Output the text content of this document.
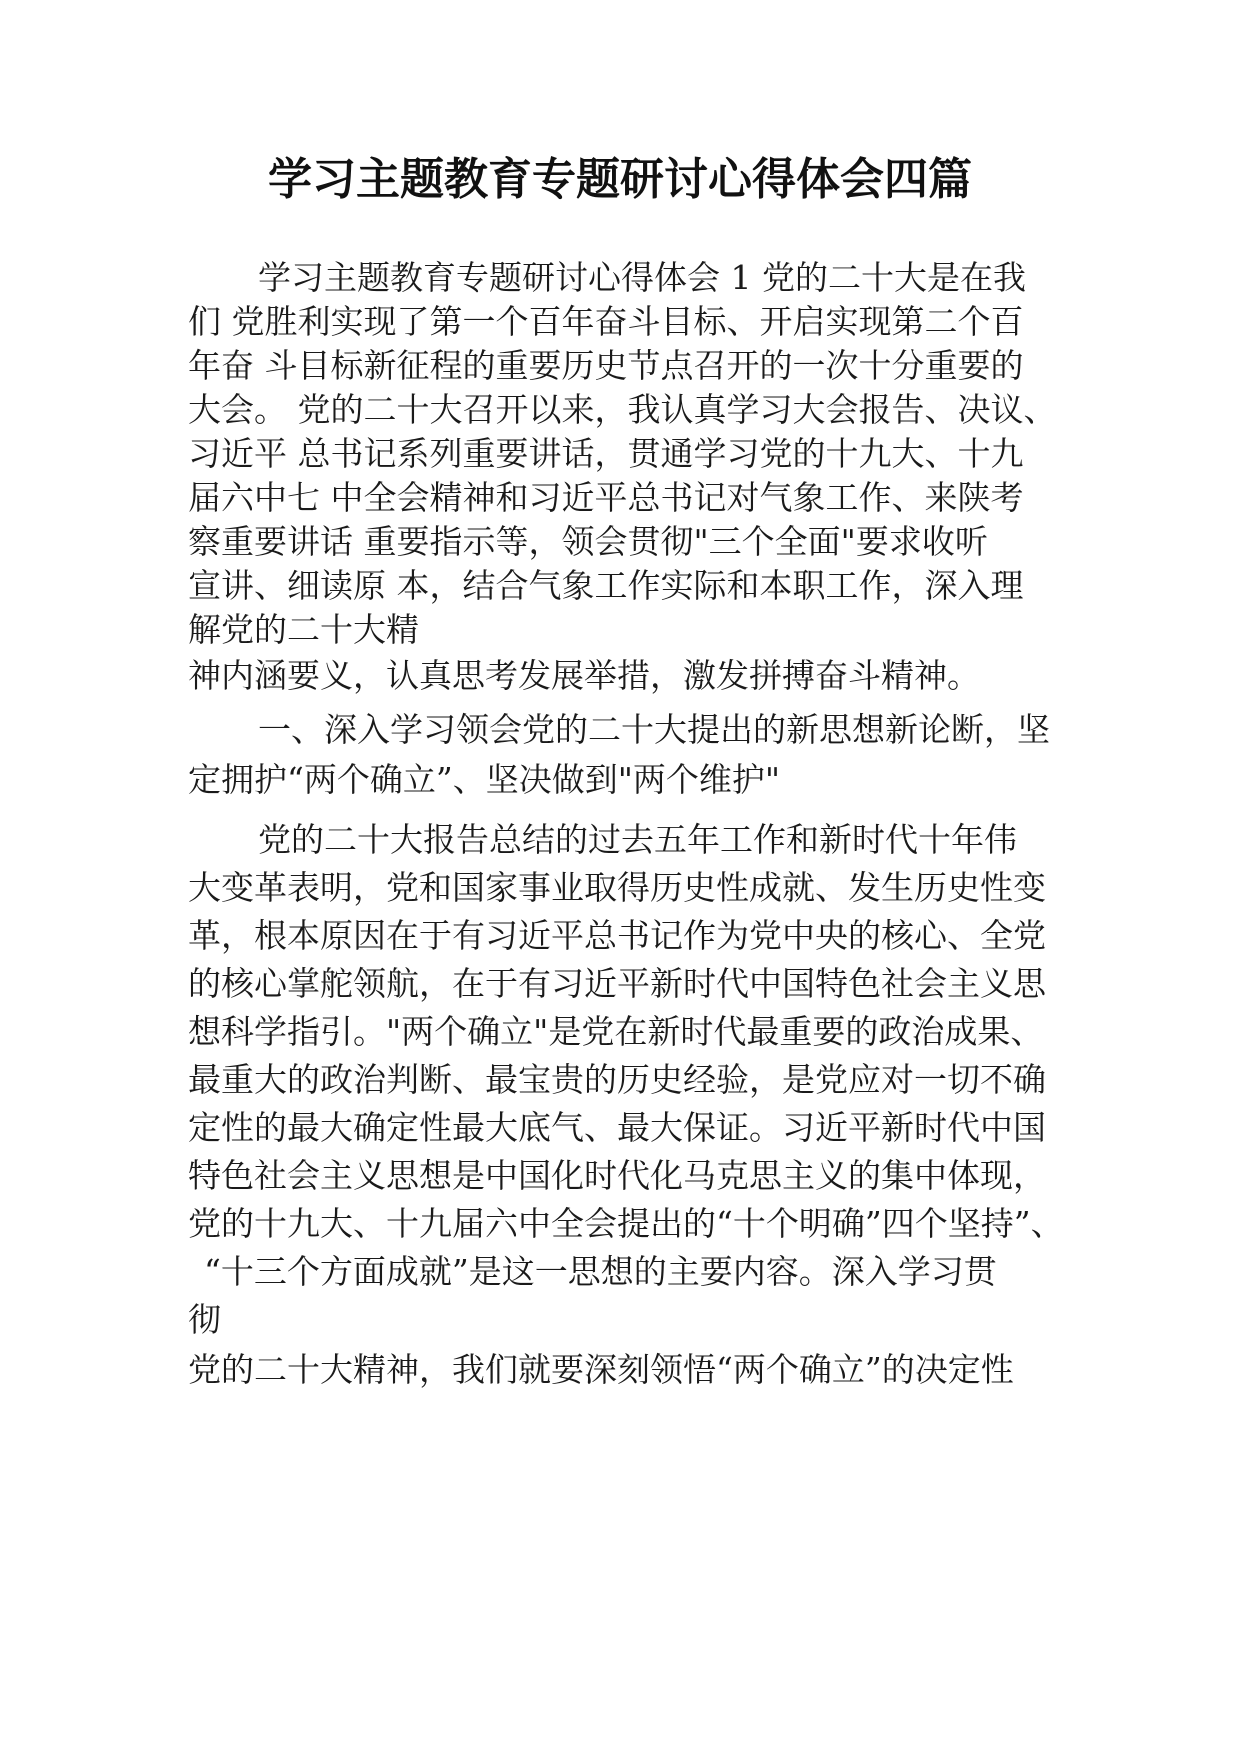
学习主题教育专题研讨心得体会四篇

学习主题教育专题研讨心得体会 1 党的二十大是在我

们 党胜利实现了第一个百年奋斗目标、开启实现第二个百

年奋 斗目标新征程的重要历史节点召开的一次十分重要的

大会。 党的二十大召开以来，我认真学习大会报告、决议、

习近平 总书记系列重要讲话，贯通学习党的十九大、十九

届六中七 中全会精神和习近平总书记对气象工作、来陕考

察重要讲话 重要指示等，领会贯彻"三个全面"要求收听

宣讲、细读原 本，结合气象工作实际和本职工作，深入理

解党的二十大精

神内涵要义，认真思考发展举措，激发拼搏奋斗精神。

一、深入学习领会党的二十大提出的新思想新论断，坚

定拥护“两个确立”、坚决做到"两个维护"

党的二十大报告总结的过去五年工作和新时代十年伟

大变革表明，党和国家事业取得历史性成就、发生历史性变

革，根本原因在于有习近平总书记作为党中央的核心、全党

的核心掌舵领航，在于有习近平新时代中国特色社会主义思

想科学指引。"两个确立"是党在新时代最重要的政治成果、

最重大的政治判断、最宝贵的历史经验，是党应对一切不确

定性的最大确定性最大底气、最大保证。习近平新时代中国

特色社会主义思想是中国化时代化马克思主义的集中体现，

党的十九大、十九届六中全会提出的“十个明确”四个坚持”、

“十三个方面成就”是这一思想的主要内容。深入学习贯

彻

党的二十大精神，我们就要深刻领悟“两个确立”的决定性
